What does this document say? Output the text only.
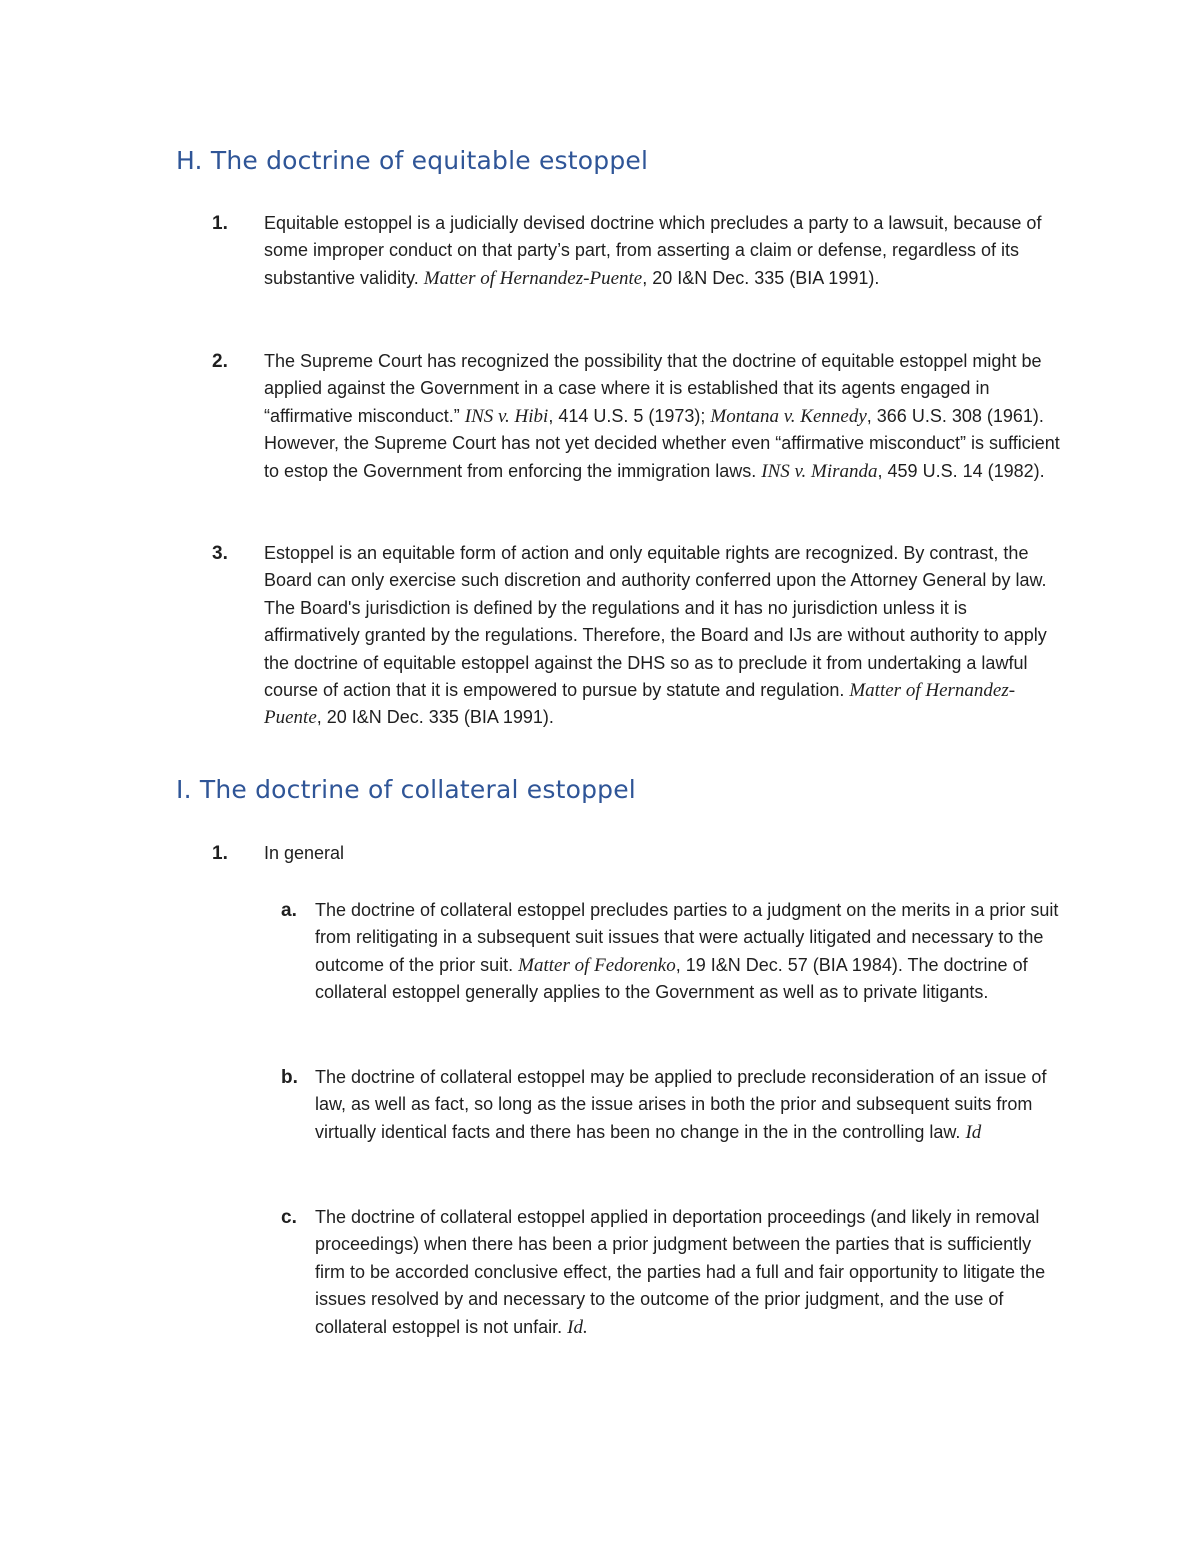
H. The doctrine of equitable estoppel
1. Equitable estoppel is a judicially devised doctrine which precludes a party to a lawsuit, because of some improper conduct on that party’s part, from asserting a claim or defense, regardless of its substantive validity. Matter of Hernandez-Puente, 20 I&N Dec. 335 (BIA 1991).
2. The Supreme Court has recognized the possibility that the doctrine of equitable estoppel might be applied against the Government in a case where it is established that its agents engaged in “affirmative misconduct.” INS v. Hibi, 414 U.S. 5 (1973); Montana v. Kennedy, 366 U.S. 308 (1961). However, the Supreme Court has not yet decided whether even “affirmative misconduct” is sufficient to estop the Government from enforcing the immigration laws. INS v. Miranda, 459 U.S. 14 (1982).
3. Estoppel is an equitable form of action and only equitable rights are recognized. By contrast, the Board can only exercise such discretion and authority conferred upon the Attorney General by law. The Board's jurisdiction is defined by the regulations and it has no jurisdiction unless it is affirmatively granted by the regulations. Therefore, the Board and IJs are without authority to apply the doctrine of equitable estoppel against the DHS so as to preclude it from undertaking a lawful course of action that it is empowered to pursue by statute and regulation. Matter of Hernandez-Puente, 20 I&N Dec. 335 (BIA 1991).
I. The doctrine of collateral estoppel
1. In general
a. The doctrine of collateral estoppel precludes parties to a judgment on the merits in a prior suit from relitigating in a subsequent suit issues that were actually litigated and necessary to the outcome of the prior suit. Matter of Fedorenko, 19 I&N Dec. 57 (BIA 1984). The doctrine of collateral estoppel generally applies to the Government as well as to private litigants.
b. The doctrine of collateral estoppel may be applied to preclude reconsideration of an issue of law, as well as fact, so long as the issue arises in both the prior and subsequent suits from virtually identical facts and there has been no change in the in the controlling law. Id
c. The doctrine of collateral estoppel applied in deportation proceedings (and likely in removal proceedings) when there has been a prior judgment between the parties that is sufficiently firm to be accorded conclusive effect, the parties had a full and fair opportunity to litigate the issues resolved by and necessary to the outcome of the prior judgment, and the use of collateral estoppel is not unfair. Id.
